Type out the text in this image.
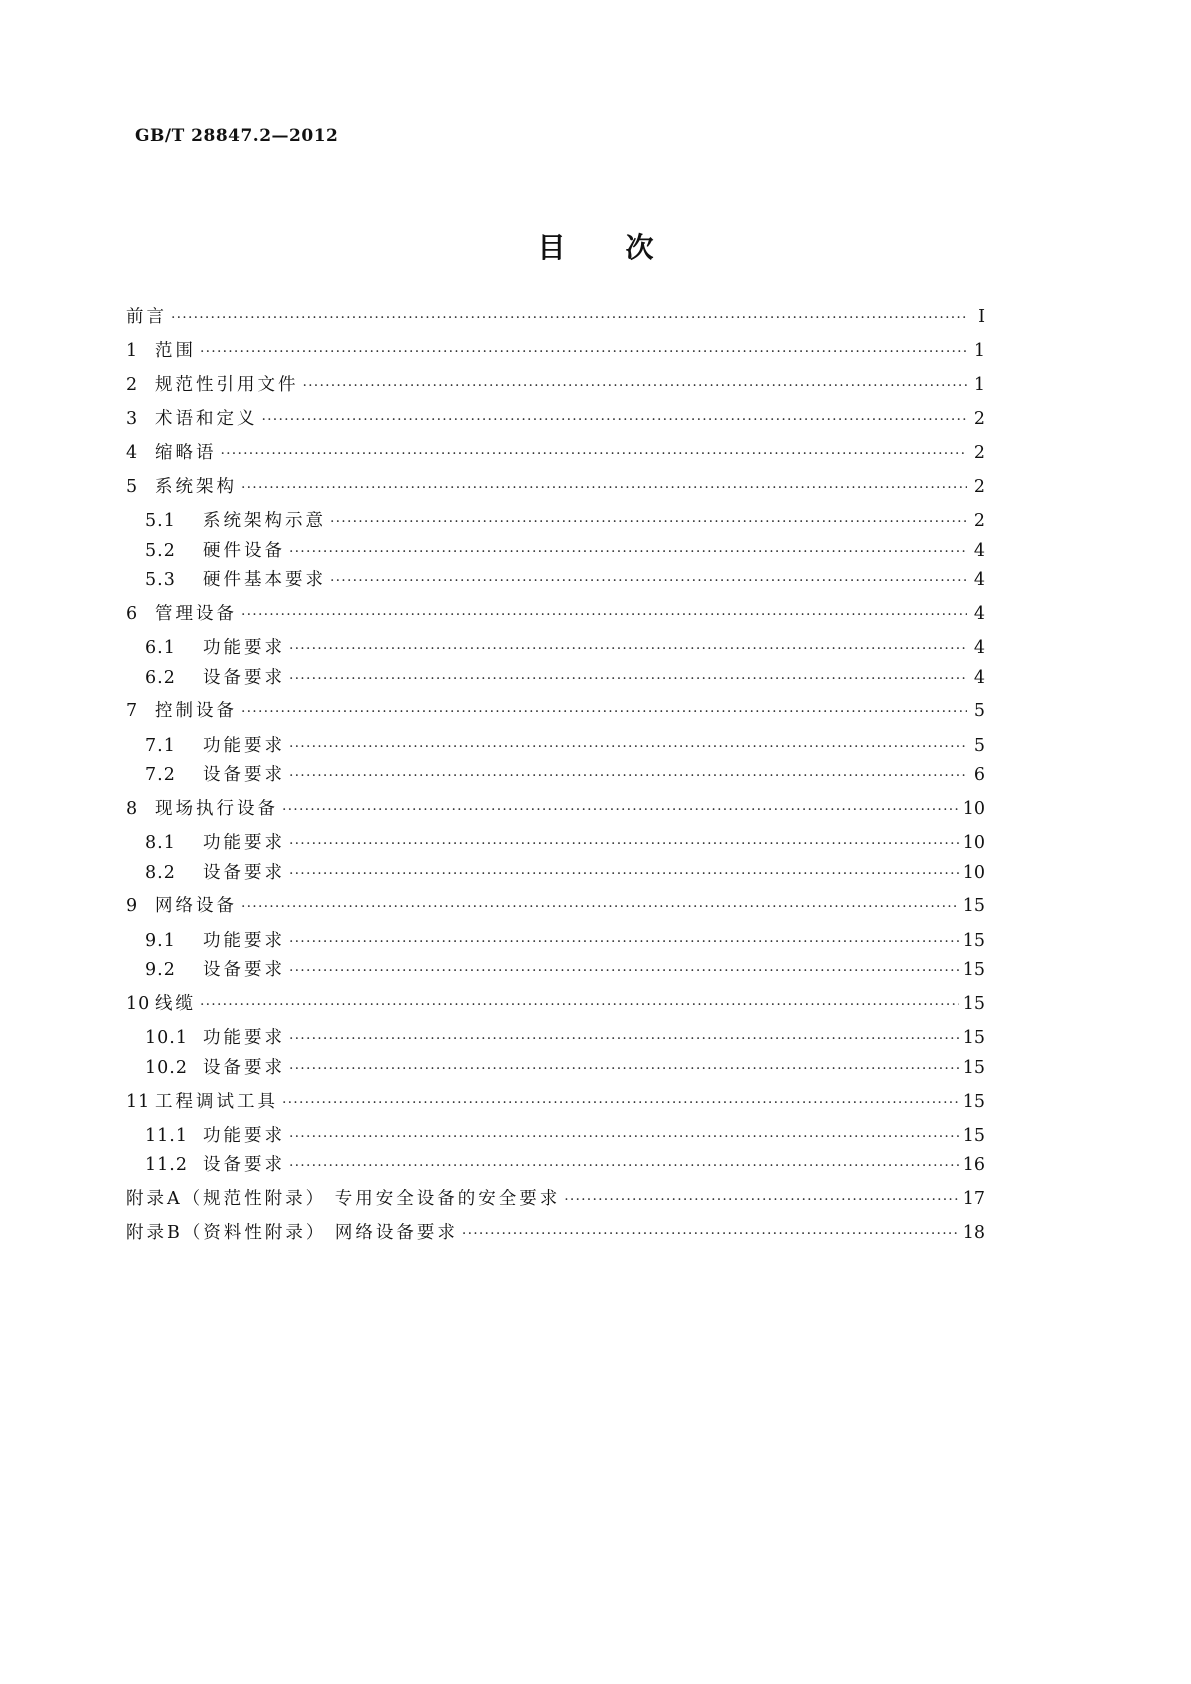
GB/T 28847.2—2012
目次
前言 ·····	Ⅰ
1 范围 ·····	1
2 规范性引用文件 ·····	1
3 术语和定义 ·····	2
4 缩略语 ·····	2
5 系统架构 ·····	2
5.1	系统架构示意 ·····	2
5.2	硬件设备 ·····	4
5.3	硬件基本要求 ·····	4
6 管理设备 ·····	4
6.1	功能要求 ·····	4
6.2	设备要求 ·····	4
7 控制设备 ·····	5
7.1	功能要求 ·····	5
7.2	设备要求 ·····	6
8 现场执行设备 ·····	10
8.1	功能要求 ·····	10
8.2	设备要求 ·····	10
9 网络设备 ·····	15
9.1	功能要求 ·····	15
9.2	设备要求 ·····	15
10 线缆 ·····	15
10.1 功能要求 ·····	15
10.2 设备要求 ·····	15
11 工程调试工具 ·····	15
11.1 功能要求 ·····	15
11.2 设备要求 ·····	16
附录A（规范性附录） 专用安全设备的安全要求 ·····	17
附录B（资料性附录） 网络设备要求 ·····	18
